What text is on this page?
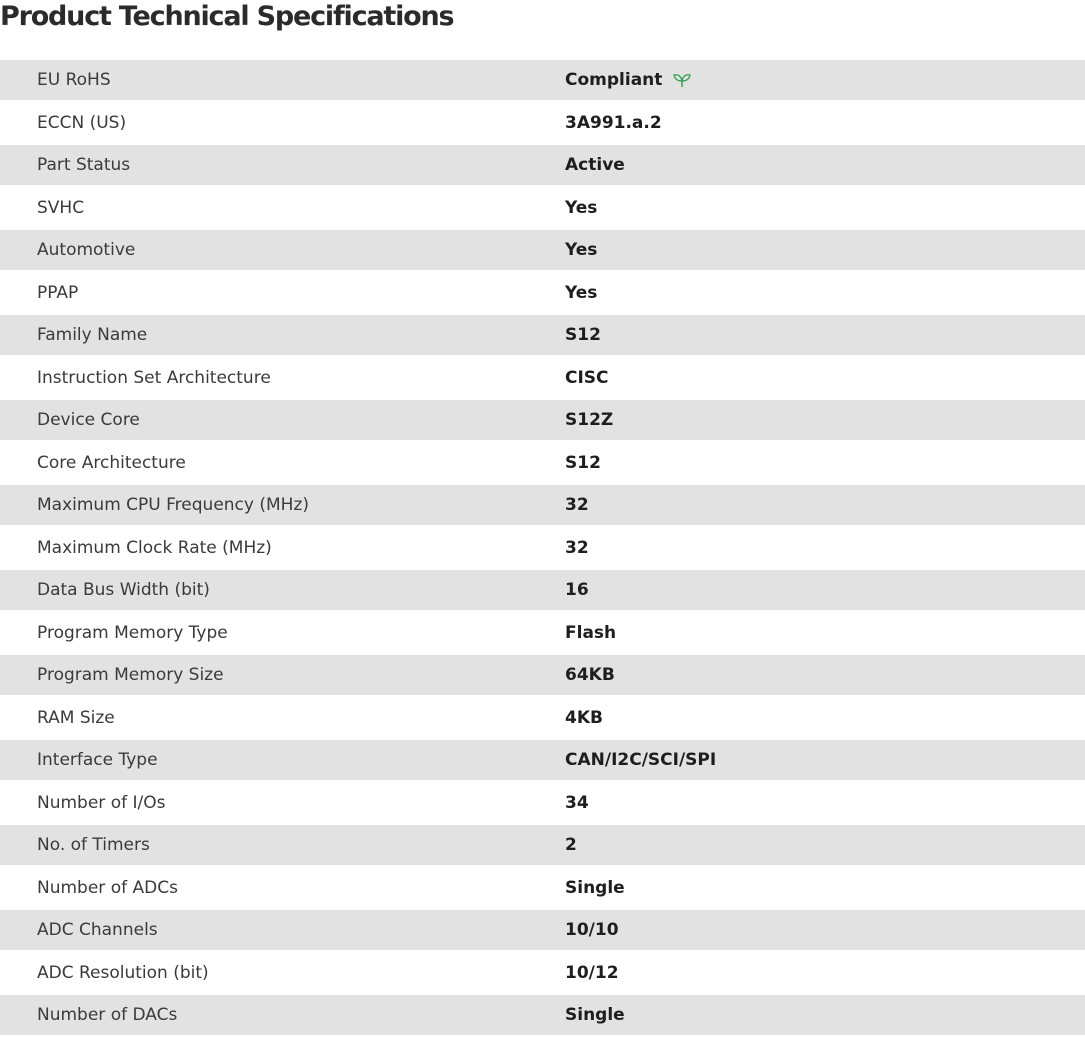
Product Technical Specifications
EU RoHS	Compliant
ECCN (US)	3A991.a.2
Part Status	Active
SVHC	Yes
Automotive	Yes
PPAP	Yes
Family Name	S12
Instruction Set Architecture	CISC
Device Core	S12Z
Core Architecture	S12
Maximum CPU Frequency (MHz)	32
Maximum Clock Rate (MHz)	32
Data Bus Width (bit)	16
Program Memory Type	Flash
Program Memory Size	64KB
RAM Size	4KB
Interface Type	CAN/I2C/SCI/SPI
Number of I/Os	34
No. of Timers	2
Number of ADCs	Single
ADC Channels	10/10
ADC Resolution (bit)	10/12
Number of DACs	Single
